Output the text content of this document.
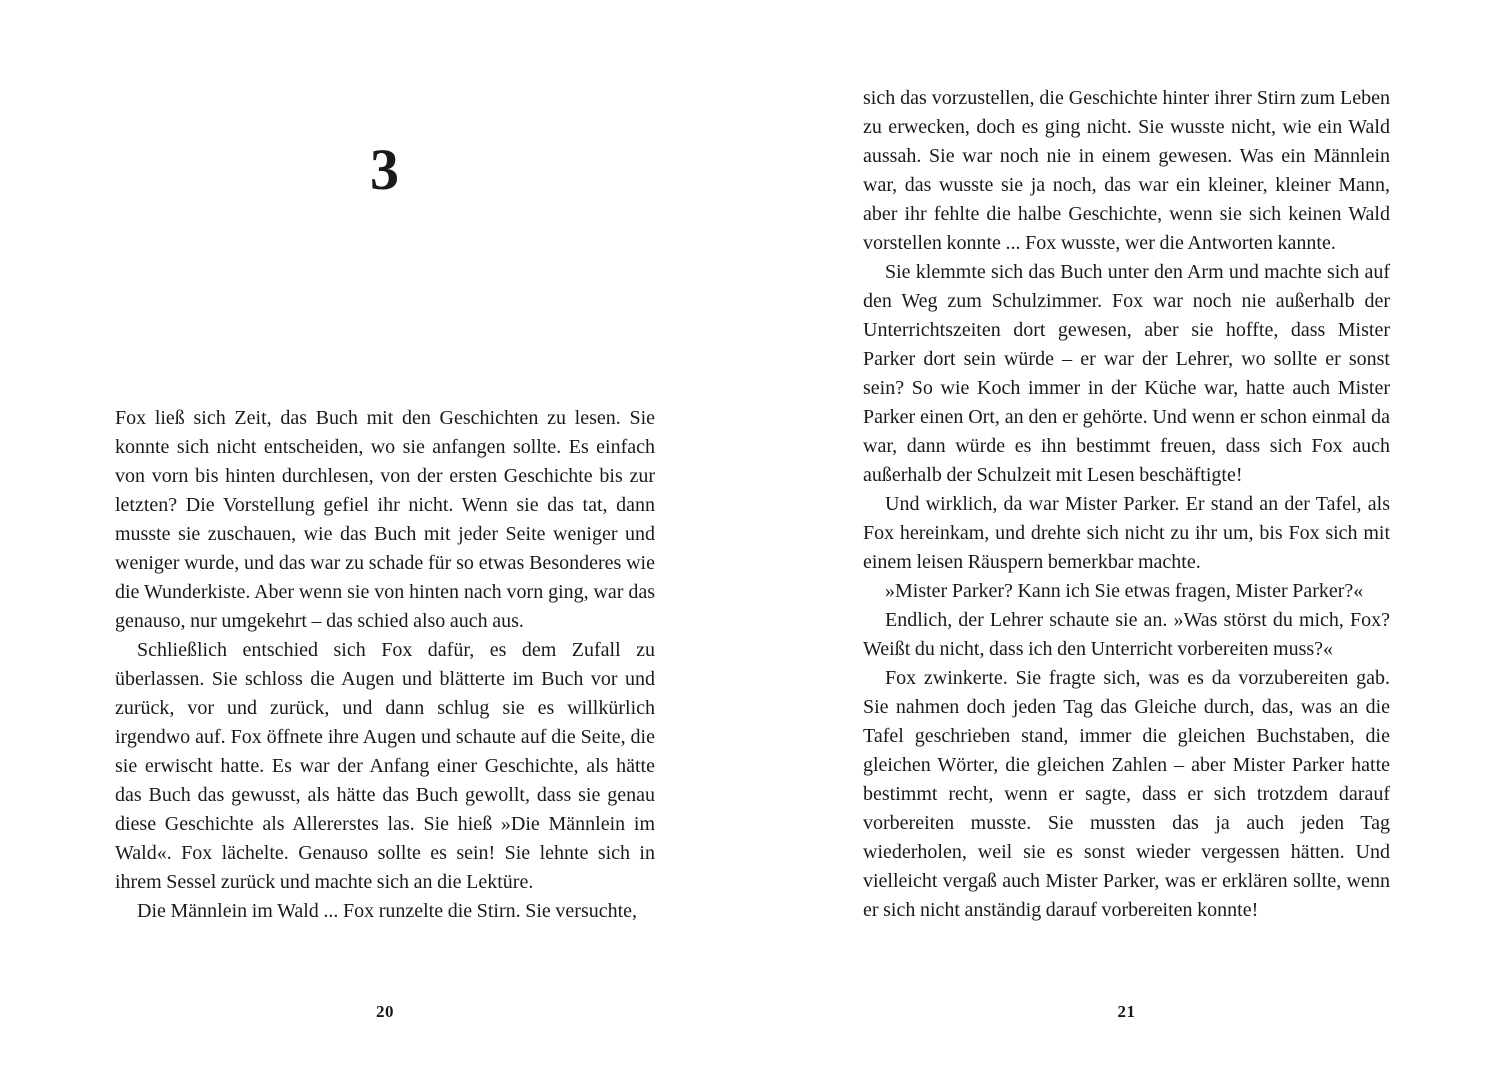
3

Fox ließ sich Zeit, das Buch mit den Geschichten zu lesen. Sie konnte sich nicht entscheiden, wo sie anfangen sollte. Es einfach von vorn bis hinten durchlesen, von der ersten Geschichte bis zur letzten? Die Vorstellung gefiel ihr nicht. Wenn sie das tat, dann musste sie zuschauen, wie das Buch mit jeder Seite weniger und weniger wurde, und das war zu schade für so etwas Besonderes wie die Wunderkiste. Aber wenn sie von hinten nach vorn ging, war das genauso, nur umgekehrt – das schied also auch aus.

Schließlich entschied sich Fox dafür, es dem Zufall zu überlassen. Sie schloss die Augen und blätterte im Buch vor und zurück, vor und zurück, und dann schlug sie es willkürlich irgendwo auf. Fox öffnete ihre Augen und schaute auf die Seite, die sie erwischt hatte. Es war der Anfang einer Geschichte, als hätte das Buch das gewusst, als hätte das Buch gewollt, dass sie genau diese Geschichte als Allererstes las. Sie hieß »Die Männlein im Wald«. Fox lächelte. Genauso sollte es sein! Sie lehnte sich in ihrem Sessel zurück und machte sich an die Lektüre.

Die Männlein im Wald ... Fox runzelte die Stirn. Sie versuchte,

20

sich das vorzustellen, die Geschichte hinter ihrer Stirn zum Leben zu erwecken, doch es ging nicht. Sie wusste nicht, wie ein Wald aussah. Sie war noch nie in einem gewesen. Was ein Männlein war, das wusste sie ja noch, das war ein kleiner, kleiner Mann, aber ihr fehlte die halbe Geschichte, wenn sie sich keinen Wald vorstellen konnte ... Fox wusste, wer die Antworten kannte.

Sie klemmte sich das Buch unter den Arm und machte sich auf den Weg zum Schulzimmer. Fox war noch nie außerhalb der Unterrichtszeiten dort gewesen, aber sie hoffte, dass Mister Parker dort sein würde – er war der Lehrer, wo sollte er sonst sein? So wie Koch immer in der Küche war, hatte auch Mister Parker einen Ort, an den er gehörte. Und wenn er schon einmal da war, dann würde es ihn bestimmt freuen, dass sich Fox auch außerhalb der Schulzeit mit Lesen beschäftigte!

Und wirklich, da war Mister Parker. Er stand an der Tafel, als Fox hereinkam, und drehte sich nicht zu ihr um, bis Fox sich mit einem leisen Räuspern bemerkbar machte.

»Mister Parker? Kann ich Sie etwas fragen, Mister Parker?«

Endlich, der Lehrer schaute sie an. »Was störst du mich, Fox? Weißt du nicht, dass ich den Unterricht vorbereiten muss?«

Fox zwinkerte. Sie fragte sich, was es da vorzubereiten gab. Sie nahmen doch jeden Tag das Gleiche durch, das, was an die Tafel geschrieben stand, immer die gleichen Buchstaben, die gleichen Wörter, die gleichen Zahlen – aber Mister Parker hatte bestimmt recht, wenn er sagte, dass er sich trotzdem darauf vorbereiten musste. Sie mussten das ja auch jeden Tag wiederholen, weil sie es sonst wieder vergessen hätten. Und vielleicht vergaß auch Mister Parker, was er erklären sollte, wenn er sich nicht anständig darauf vorbereiten konnte!

21
